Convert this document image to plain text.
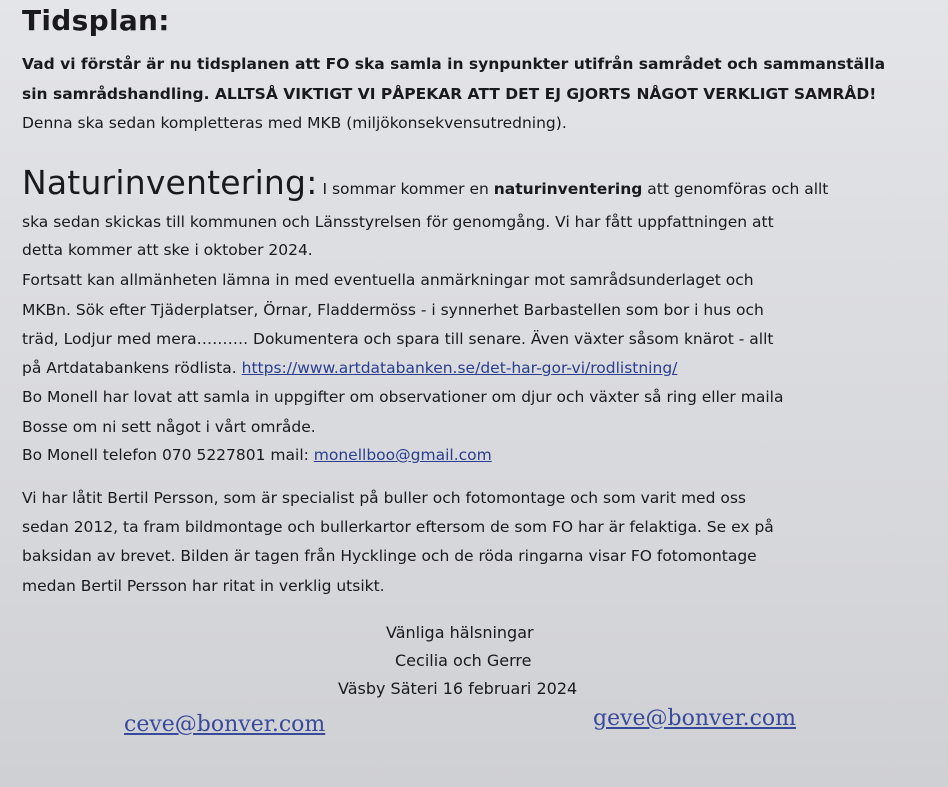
Tidsplan:
Vad vi förstår är nu tidsplanen att FO ska samla in synpunkter utifrån samrådet och sammanställa
sin samrådshandling. ALLTSÅ VIKTIGT VI PÅPEKAR ATT DET EJ GJORTS NÅGOT VERKLIGT SAMRÅD!
Denna ska sedan kompletteras med MKB (miljökonsekvensutredning).
Naturinventering: I sommar kommer en naturinventering att genomföras och allt
ska sedan skickas till kommunen och Länsstyrelsen för genomgång. Vi har fått uppfattningen att
detta kommer att ske i oktober 2024.
Fortsatt kan allmänheten lämna in med eventuella anmärkningar mot samrådsunderlaget och
MKBn. Sök efter Tjäderplatser, Örnar, Fladdermöss - i synnerhet Barbastellen som bor i hus och
träd, Lodjur med mera………. Dokumentera och spara till senare. Även växter såsom knärot - allt
på Artdatabankens rödlista. https://www.artdatabanken.se/det-har-gor-vi/rodlistning/
Bo Monell har lovat att samla in uppgifter om observationer om djur och växter så ring eller maila
Bosse om ni sett något i vårt område.
Bo Monell telefon 070 5227801 mail: monellboo@gmail.com
Vi har låtit Bertil Persson, som är specialist på buller och fotomontage och som varit med oss
sedan 2012, ta fram bildmontage och bullerkartor eftersom de som FO har är felaktiga. Se ex på
baksidan av brevet. Bilden är tagen från Hycklinge och de röda ringarna visar FO fotomontage
medan Bertil Persson har ritat in verklig utsikt.
Vänliga hälsningar
Cecilia och Gerre
Väsby Säteri 16 februari 2024
ceve@bonver.com	geve@bonver.com
